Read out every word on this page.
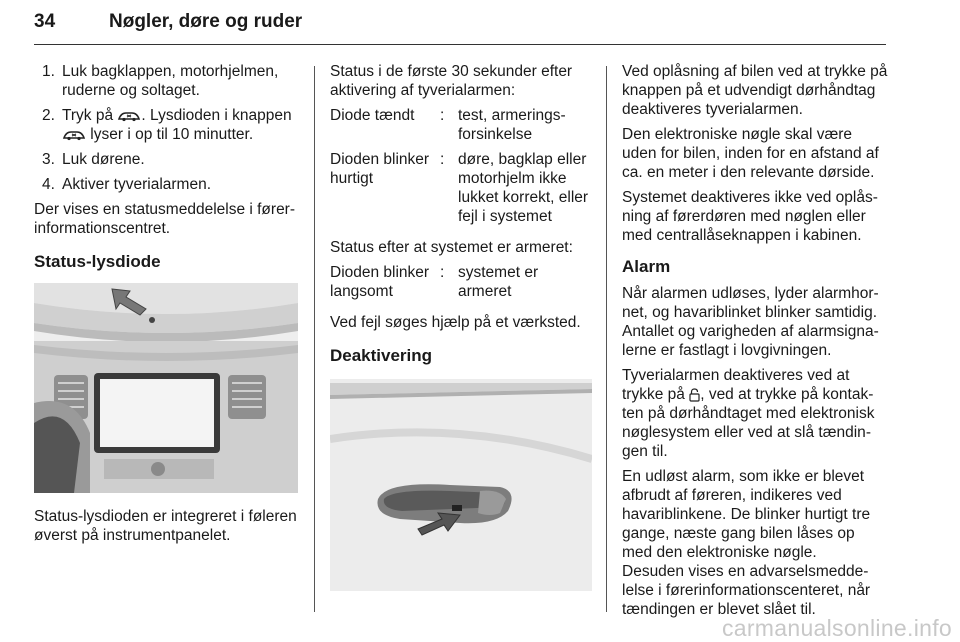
34	Nøgler, døre og ruder
1. Luk bagklappen, motorhjelmen, ruderne og soltaget.
2. Tryk på . Lysdioden i knappen  lyser i op til 10 minutter.
3. Luk dørene.
4. Aktiver tyverialarmen.

Der vises en statusmeddelelse i førerinformationscentret.

Status-lysdiode

Status-lysdioden er integreret i føleren øverst på instrumentpanelet.

Status i de første 30 sekunder efter aktivering af tyverialarmen:

Diode tændt	: test, armeringsforsinkelse
Dioden blinker hurtigt
: døre, bagklap eller motorhjelm ikke lukket korrekt, eller fejl i systemet

Status efter at systemet er armeret:

Dioden blinker langsomt
: systemet er armeret

Ved fejl søges hjælp på et værksted.

Deaktivering

Ved oplåsning af bilen ved at trykke på knappen på et udvendigt dørhåndtag deaktiveres tyverialarmen.

Den elektroniske nøgle skal være uden for bilen, inden for en afstand af ca. en meter i den relevante dørside.

Systemet deaktiveres ikke ved oplåsning af førerdøren med nøglen eller med centrallåseknappen i kabinen.

Alarm

Når alarmen udløses, lyder alarmhornet, og havariblinket blinker samtidig. Antallet og varigheden af alarmsignalerne er fastlagt i lovgivningen.

Tyverialarmen deaktiveres ved at trykke på , ved at trykke på kontakten på dørhåndtaget med elektronisk nøglesystem eller ved at slå tændingen til.

En udløst alarm, som ikke er blevet afbrudt af føreren, indikeres ved havariblinkene. De blinker hurtigt tre gange, næste gang bilen låses op med den elektroniske nøgle.

Desuden vises en advarselsmeddelelse i førerinformationscenteret, når tændingen er blevet slået til.

carmanualsonline.info
